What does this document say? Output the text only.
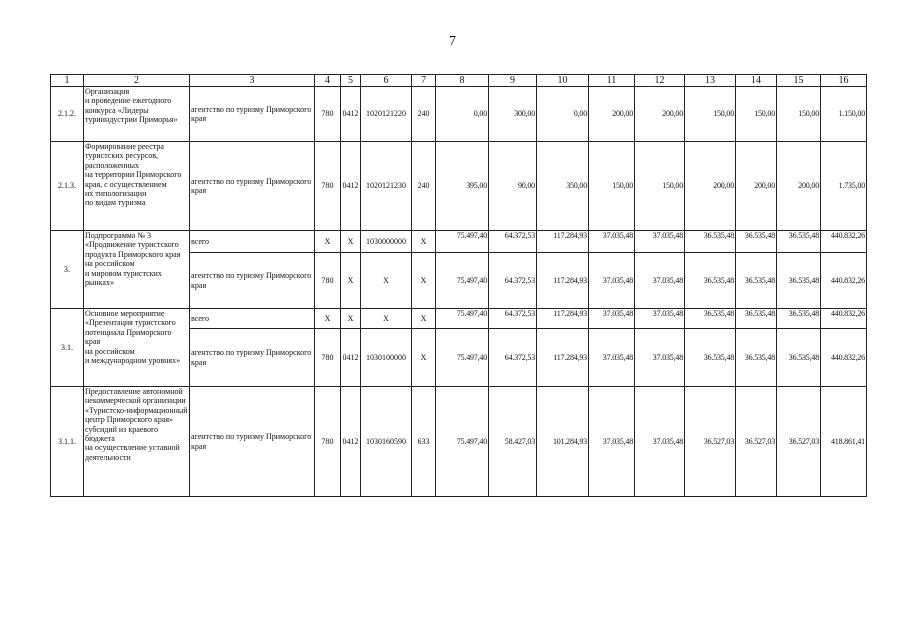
7
1	2	3	4	5	6	7	8	9	10	11	12	13	14	15	16
2.1.2.	Организация
и проведение ежегодного конкурса «Лидеры турииндустрии Приморья»	агентство по туризму Приморского края	780	0412	1020121220	240	0,00	300,00	0,00	200,00	200,00	150,00	150,00	150,00	1.150,00
2.1.3.	Формирование реестра туристских ресурсов, расположенных
на территории Приморского края, с осуществлением
их типологизации
по видам туризма	агентство по туризму Приморского края	780	0412	1020121230	240	395,00	90,00	350,00	150,00	150,00	200,00	200,00	200,00	1.735,00
3.	Подпрограмма № 3 «Продвижение туристского продукта Приморского края
на российском
и мировом туристских рынках»	всего	Х	Х	1030000000	Х	75.497,40	64.372,53	117.284,93	37.035,48	37.035,48	36.535,48	36.535,48	36.535,48	440.832,26
		агентство по туризму Приморского края	780	Х	Х	Х	75.497,40	64.372,53	117.284,93	37.035,48	37.035,48	36.535,48	36.535,48	36.535,48	440.832,26
3.1.	Основное мероприятие «Презентация туристского потенциала Приморского края
на российском
и международном уровнях»	всего	Х	Х	Х	Х	75.497,40	64.372,53	117.284,93	37.035,48	37.035,48	36.535,48	36.535,48	36.535,48	440.832,26
		агентство по туризму Приморского края	780	0412	1030100000	Х	75.497,40	64.372,53	117.284,93	37.035,48	37.035,48	36.535,48	36.535,48	36.535,48	440.832,26
3.1.1.	Предоставление автономной некоммерческой организации «Туристско-информационный центр Приморского края» субсидий из краевого бюджета
на осуществление уставной деятельности	агентство по туризму Приморского края	780	0412	1030160590	633	75.497,40	58.427,03	101.284,93	37.035,48	37.035,48	36.527,03	36.527,03	36.527,03	418.861,41
